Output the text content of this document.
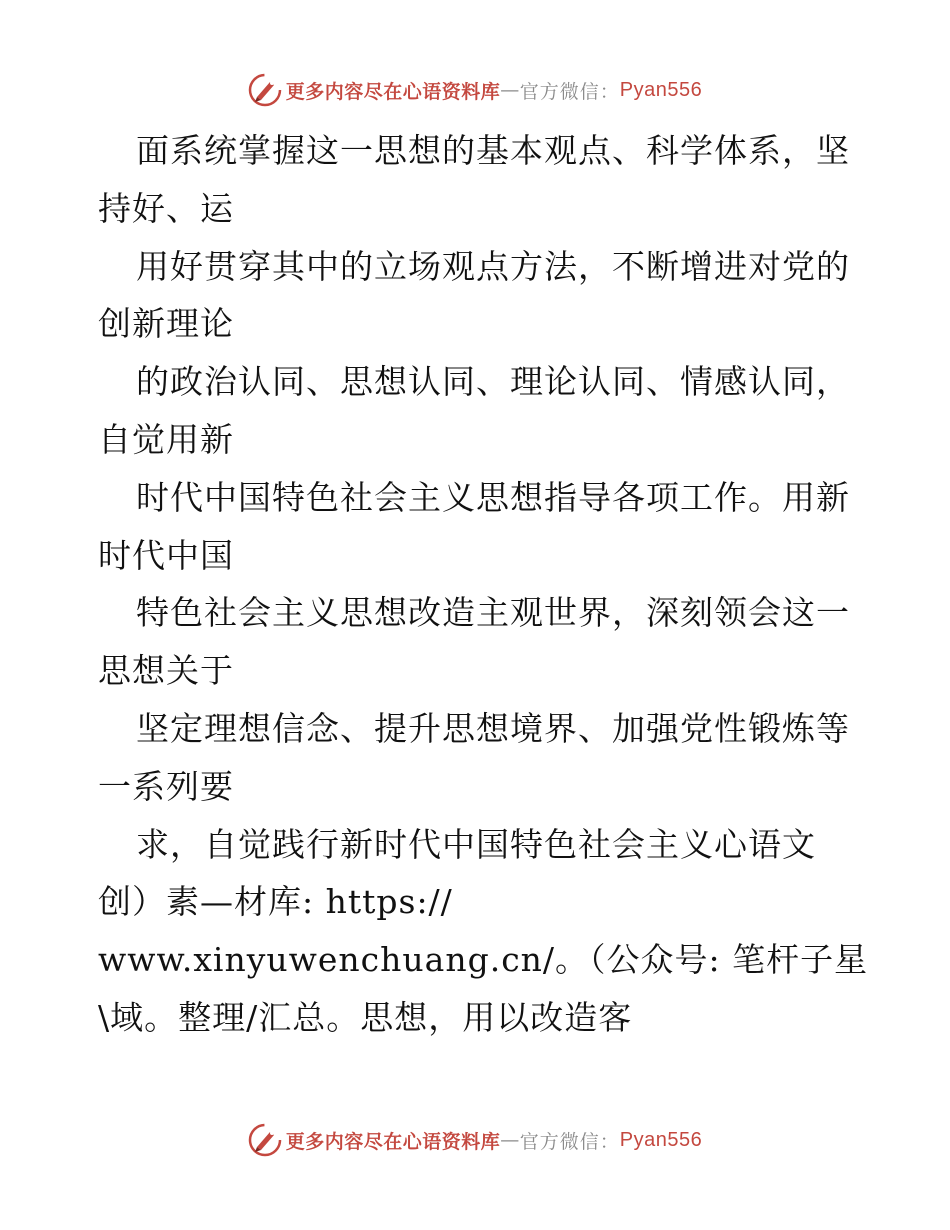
更多内容尽在心语资料库 — 官方微信： Pyan556
面系统掌握这一思想的基本观点、科学体系，坚
持好、运
用好贯穿其中的立场观点方法，不断增进对党的
创新理论
的政治认同、思想认同、理论认同、情感认同，
自觉用新
时代中国特色社会主义思想指导各项工作。用新
时代中国
特色社会主义思想改造主观世界，深刻领会这一
思想关于
坚定理想信念、提升思想境界、加强党性锻炼等
一系列要
求，自觉践行新时代中国特色社会主义心语文
创）素—材库: https://
www.xinyuwenchuang.cn/。（公众号: 笔杆子星
\域。整理/汇总。思想，用以改造客
更多内容尽在心语资料库 — 官方微信： Pyan556
